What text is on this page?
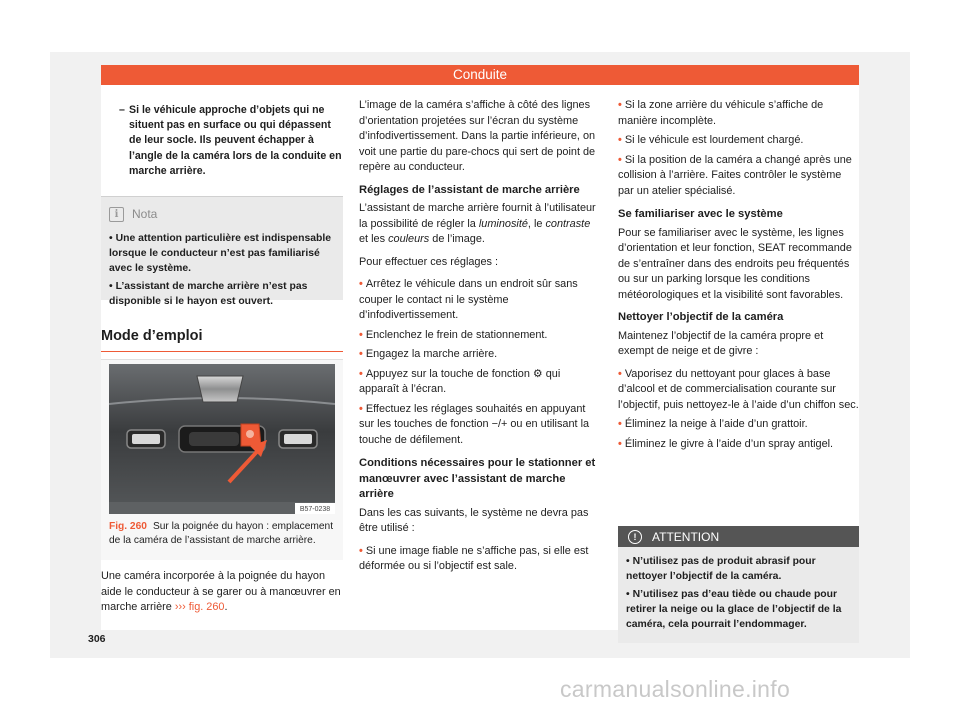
Conduite
– Si le véhicule approche d’objets qui ne situent pas en surface ou qui dépassent de leur socle. Ils peuvent échapper à l’angle de la caméra lors de la conduite en marche arrière.
i	Nota

• Une attention particulière est indispensable lorsque le conducteur n’est pas familiarisé avec le système.

• L’assistant de marche arrière n’est pas disponible si le hayon est ouvert.

Mode d’emploi
B57-0238
Fig. 260 Sur la poignée du hayon : emplacement de la caméra de l’assistant de marche arrière.

Une caméra incorporée à la poignée du hayon aide le conducteur à se garer ou à manœuvrer en marche arrière ››› fig. 260.

L’image de la caméra s’affiche à côté des lignes d’orientation projetées sur l’écran du système d’infodivertissement. Dans la partie inférieure, on voit une partie du pare-chocs qui sert de point de repère au conducteur.

Réglages de l’assistant de marche arrière

L’assistant de marche arrière fournit à l’utilisateur la possibilité de régler la luminosité, le contraste et les couleurs de l’image.

Pour effectuer ces réglages :

• Arrêtez le véhicule dans un endroit sûr sans couper le contact ni le système d’infodivertissement.

• Enclenchez le frein de stationnement.

• Engagez la marche arrière.

• Appuyez sur la touche de fonction ⚙ qui apparaît à l’écran.

• Effectuez les réglages souhaités en appuyant sur les touches de fonction −/+ ou en utilisant la touche de défilement.

Conditions nécessaires pour le stationner et manœuvrer avec l’assistant de marche arrière

Dans les cas suivants, le système ne devra pas être utilisé :

• Si une image fiable ne s’affiche pas, si elle est déformée ou si l’objectif est sale.

• Si la zone arrière du véhicule s’affiche de manière incomplète.

• Si le véhicule est lourdement chargé.

• Si la position de la caméra a changé après une collision à l’arrière. Faites contrôler le système par un atelier spécialisé.

Se familiariser avec le système

Pour se familiariser avec le système, les lignes d’orientation et leur fonction, SEAT recommande de s’entraîner dans des endroits peu fréquentés ou sur un parking lorsque les conditions météorologiques et la visibilité sont favorables.

Nettoyer l’objectif de la caméra

Maintenez l’objectif de la caméra propre et exempt de neige et de givre :

• Vaporisez du nettoyant pour glaces à base d’alcool et de commercialisation courante sur l’objectif, puis nettoyez-le à l’aide d’un chiffon sec.

• Éliminez la neige à l’aide d’un grattoir.

• Éliminez le givre à l’aide d’un spray antigel.

!	ATTENTION

• N’utilisez pas de produit abrasif pour nettoyer l’objectif de la caméra.

• N’utilisez pas d’eau tiède ou chaude pour retirer la neige ou la glace de l’objectif de la caméra, cela pourrait l’endommager.

306
carmanualsonline.info
